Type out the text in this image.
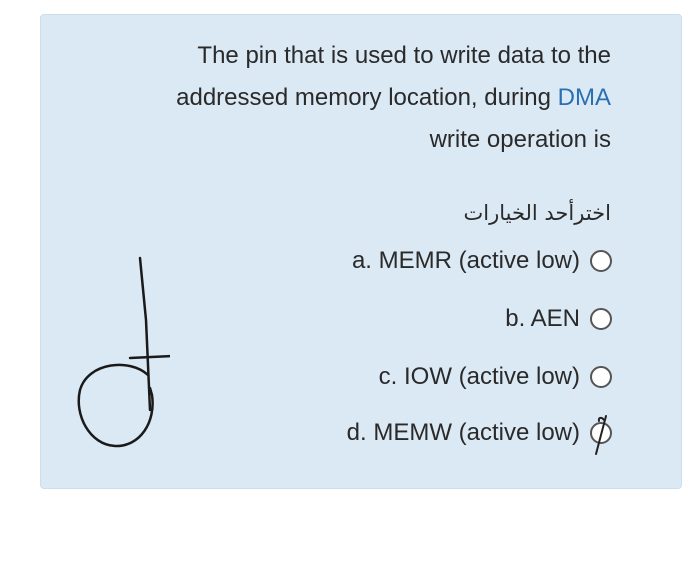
The pin that is used to write data to the
addressed memory location, during DMA
write operation is
اخترأحد الخيارات
a. MEMR (active low)
b. AEN
c. IOW (active low)
d. MEMW (active low)
